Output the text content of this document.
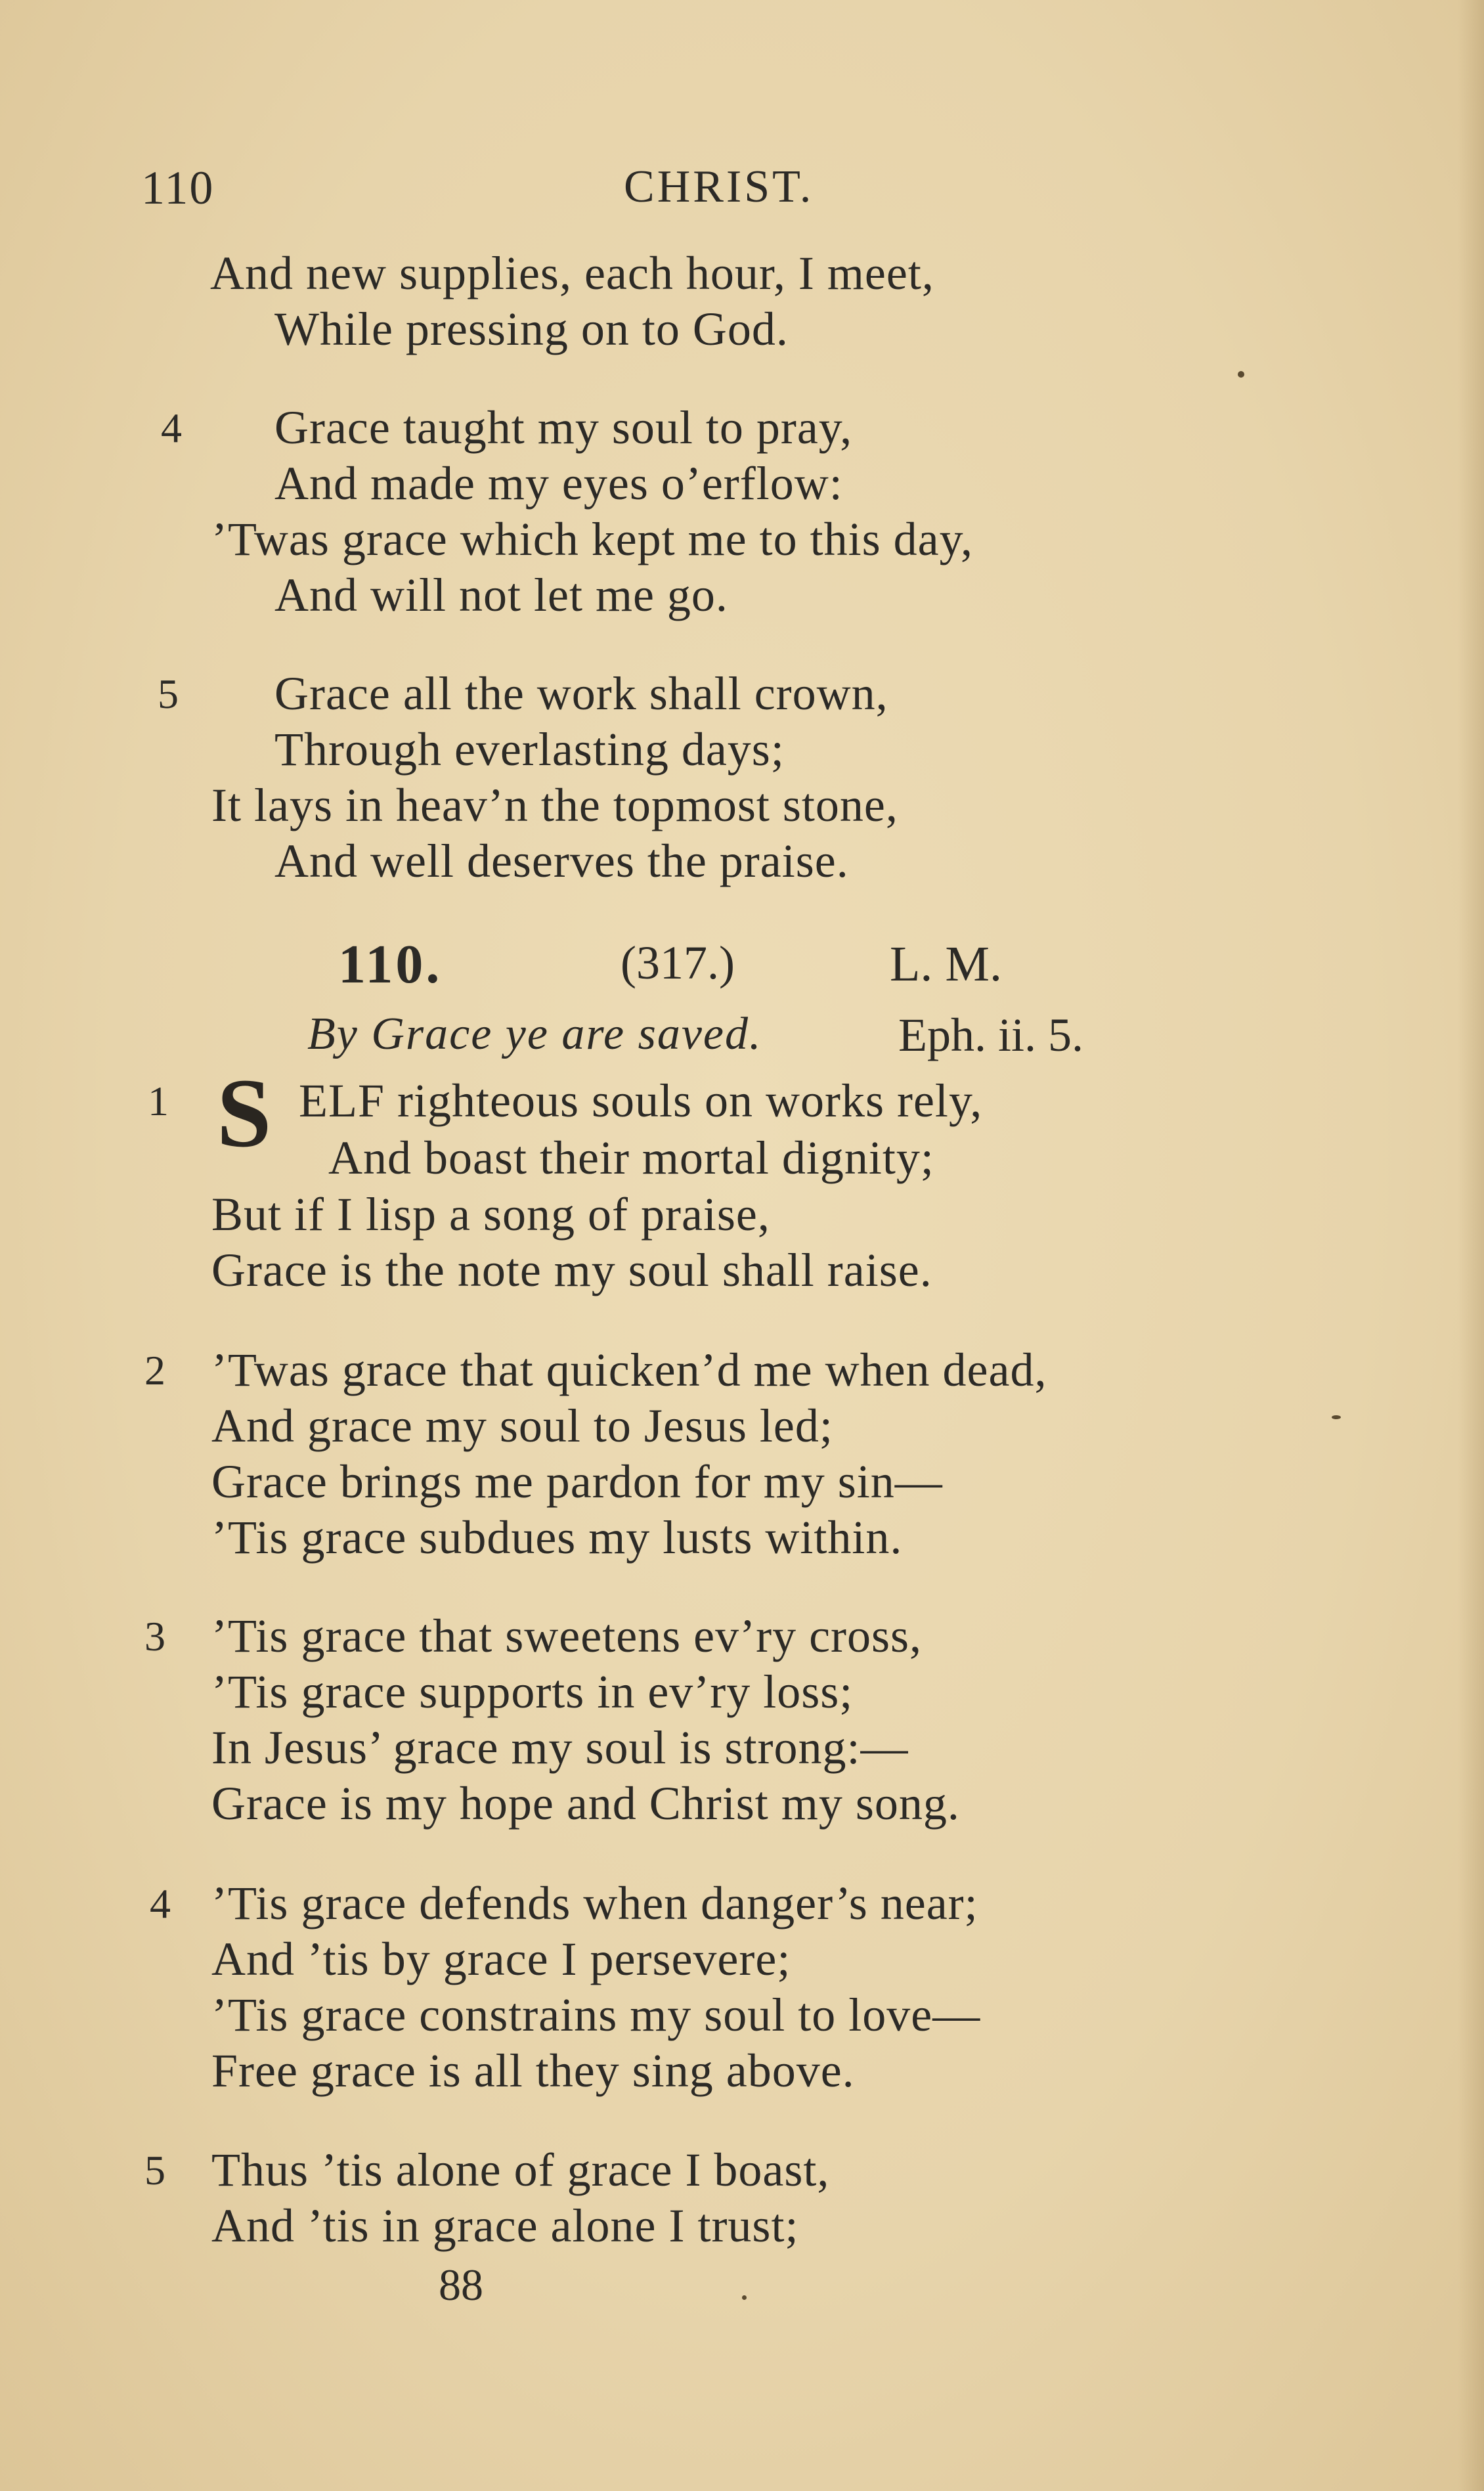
110	CHRIST.
And new supplies, each hour, I meet,
While pressing on to God.
4 Grace taught my soul to pray,
And made my eyes o’erflow:
’Twas grace which kept me to this day,
And will not let me go.
5 Grace all the work shall crown,
Through everlasting days;
It lays in heav’n the topmost stone,
And well deserves the praise.
110.	(317.)	L. M.
By Grace ye are saved.	Eph. ii. 5.
1 S ELF righteous souls on works rely,
And boast their mortal dignity;
But if I lisp a song of praise,
Grace is the note my soul shall raise.
2 ’Twas grace that quicken’d me when dead,
And grace my soul to Jesus led;
Grace brings me pardon for my sin—
’Tis grace subdues my lusts within.
3 ’Tis grace that sweetens ev’ry cross,
’Tis grace supports in ev’ry loss;
In Jesus’ grace my soul is strong:—
Grace is my hope and Christ my song.
4 ’Tis grace defends when danger’s near;
And ’tis by grace I persevere;
’Tis grace constrains my soul to love—
Free grace is all they sing above.
5 Thus ’tis alone of grace I boast,
And ’tis in grace alone I trust;
88
